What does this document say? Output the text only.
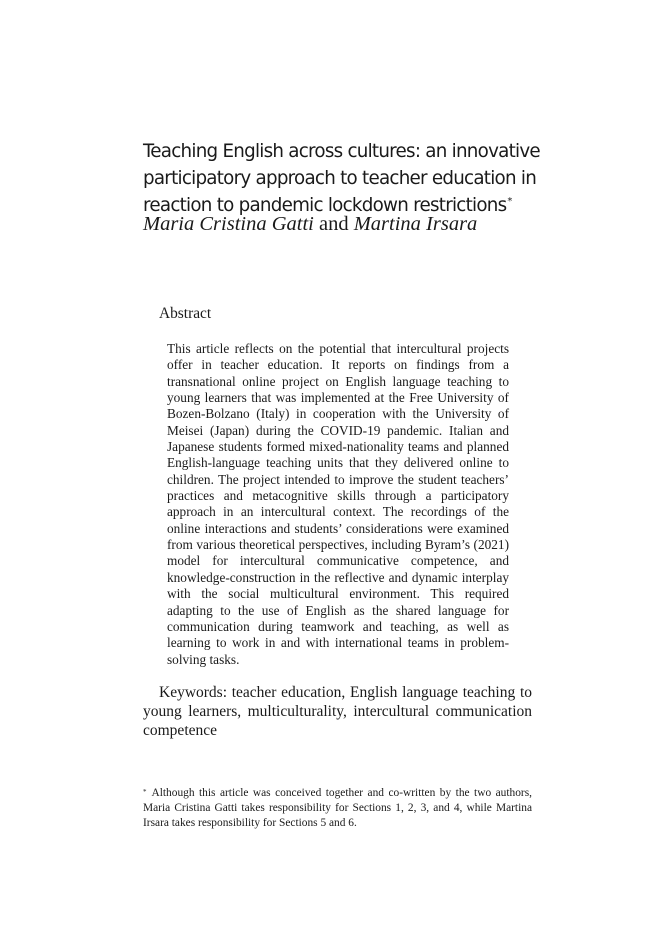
Teaching English across cultures: an innovative participatory approach to teacher education in reaction to pandemic lockdown restrictions*

Maria Cristina Gatti and Martina Irsara

Abstract

This article reflects on the potential that intercultural projects offer in teacher education. It reports on findings from a transnational online project on English language teaching to young learners that was implemented at the Free University of Bozen-Bolzano (Italy) in cooperation with the University of Meisei (Japan) during the COVID-19 pandemic. Italian and Japanese students formed mixed-nationality teams and planned English-language teaching units that they delivered online to children. The project intended to improve the student teachers’ practices and metacognitive skills through a participatory approach in an intercultural context. The recordings of the online interactions and students’ considerations were examined from various theoretical perspectives, including Byram’s (2021) model for intercultural communicative competence, and knowledge-construction in the reflective and dynamic interplay with the social multicultural environment. This required adapting to the use of English as the shared language for communication during teamwork and teaching, as well as learning to work in and with international teams in problem-solving tasks.

Keywords: teacher education, English language teaching to young learners, multiculturality, intercultural communication competence

* Although this article was conceived together and co-written by the two authors, Maria Cristina Gatti takes responsibility for Sections 1, 2, 3, and 4, while Martina Irsara takes responsibility for Sections 5 and 6.
